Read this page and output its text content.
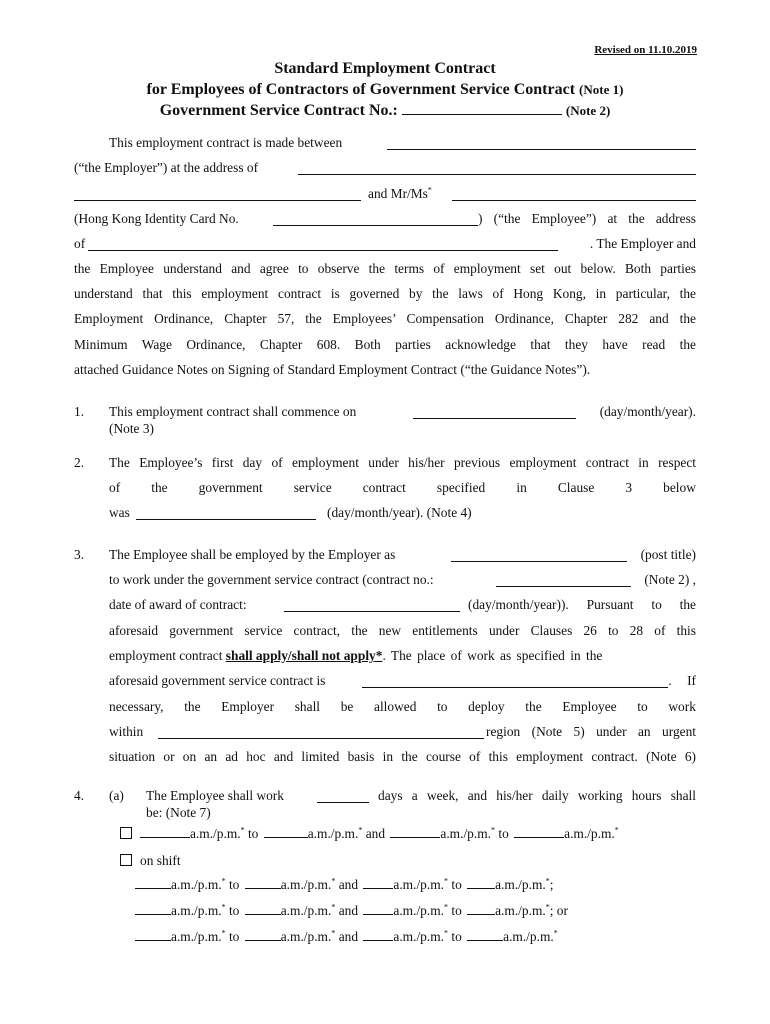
Revised on 11.10.2019
Standard Employment Contract
for Employees of Contractors of Government Service Contract (Note 1)
Government Service Contract No.:	(Note 2)
This employment contract is made between
(“the Employer”) at the address of
and Mr/Ms*
(Hong Kong Identity Card No.	) (“the Employee”) at the address
of	. The Employer and
the Employee understand and agree to observe the terms of employment set out below. Both parties
understand that this employment contract is governed by the laws of Hong Kong, in particular, the
Employment Ordinance, Chapter 57, the Employees’ Compensation Ordinance, Chapter 282 and the
Minimum Wage Ordinance, Chapter 608. Both parties acknowledge that they have read the
attached Guidance Notes on Signing of Standard Employment Contract (“the Guidance Notes”).
1. This employment contract shall commence on	(day/month/year).
(Note 3)
2. The Employee’s first day of employment under his/her previous employment contract in respect
of the government service contract specified in Clause 3 below
was	(day/month/year). (Note 4)
3. The Employee shall be employed by the Employer as	(post title)
to work under the government service contract (contract no.:	(Note 2) ,
date of award of contract:	(day/month/year)). Pursuant to the
aforesaid government service contract, the new entitlements under Clauses 26 to 28 of this
employment contract shall apply/shall not apply*. The place of work as specified in the
aforesaid government service contract is	. If
necessary, the Employer shall be allowed to deploy the Employee to work
within	region (Note 5) under an urgent
situation or on an ad hoc and limited basis in the course of this employment contract. (Note 6)
4. (a) The Employee shall work	days a week, and his/her daily working hours shall
be: (Note 7)
a.m./p.m.* to	a.m./p.m.* and	a.m./p.m.* to	a.m./p.m.*
on shift
a.m./p.m.* to	a.m./p.m.* and	a.m./p.m.* to a.m./p.m.*;
a.m./p.m.* to	a.m./p.m.* and	a.m./p.m.* to a.m./p.m.*; or
a.m./p.m.* to	a.m./p.m.* and	a.m./p.m.* to	a.m./p.m.*
